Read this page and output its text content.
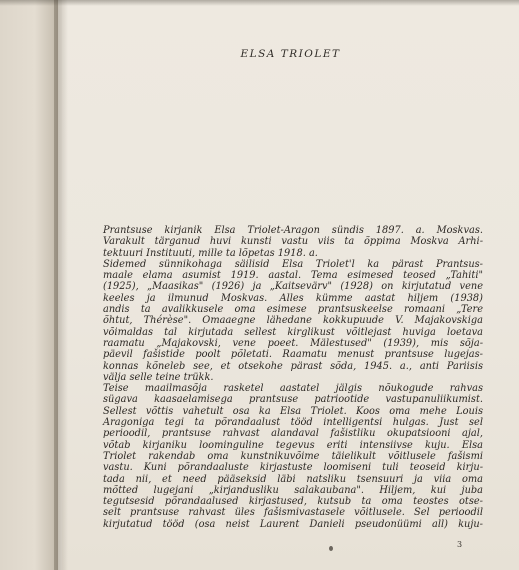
ELSA TRIOLET
Prantsuse kirjanik Elsa Triolet-Aragon sündis 1897. a. Moskvas.
Varakult tärganud huvi kunsti vastu viis ta õppima Moskva Arhi-
tektuuri Instituuti, mille ta lõpetas 1918. a.
Sidemed sünnikohaga säilisid Elsa Triolet'l ka pärast Prantsus-
maale elama asumist 1919. aastal. Tema esimesed teosed „Tahiti"
(1925), „Maasikas" (1926) ja „Kaitsevärv" (1928) on kirjutatud vene
keeles ja ilmunud Moskvas. Alles kümme aastat hiljem (1938)
andis ta avalikkusele oma esimese prantsuskeelse romaani „Tere
õhtut, Thérèse". Omaaegne lähedane kokkupuude V. Majakovskiga
võimaldas tal kirjutada sellest kirglikust võitlejast huviga loetava
raamatu „Majakovski, vene poeet. Mälestused" (1939), mis sõja-
päevil fašistide poolt põletati. Raamatu menust prantsuse lugejas-
konnas kõneleb see, et otsekohe pärast sõda, 1945. a., anti Pariisis
välja selle teine trükk.
Teise maailmasõja rasketel aastatel jälgis nõukogude rahvas
sügava kaasaelamisega prantsuse patriootide vastupanuliikumist.
Sellest võttis vahetult osa ka Elsa Triolet. Koos oma mehe Louis
Aragoniga tegi ta põrandaalust tööd intelligentsi hulgas. Just sel
perioodil, prantsuse rahvast alandaval fašistliku okupatsiooni ajal,
võtab kirjaniku loominguline tegevus eriti intensiivse kuju. Elsa
Triolet rakendab oma kunstnikuvõime täielikult võitlusele fašismi
vastu. Kuni põrandaaluste kirjastuste loomiseni tuli teoseid kirju-
tada nii, et need pääseksid läbi natsliku tsensuuri ja viia oma
mõtted lugejani „kirjandusliku salakaubana". Hiljem, kui juba
tegutsesid põrandaalused kirjastused, kutsub ta oma teostes otse-
selt prantsuse rahvast üles fašismivastasele võitlusele. Sel perioodil
kirjutatud tööd (osa neist Laurent Danieli pseudonüümi all) kuju-
3
